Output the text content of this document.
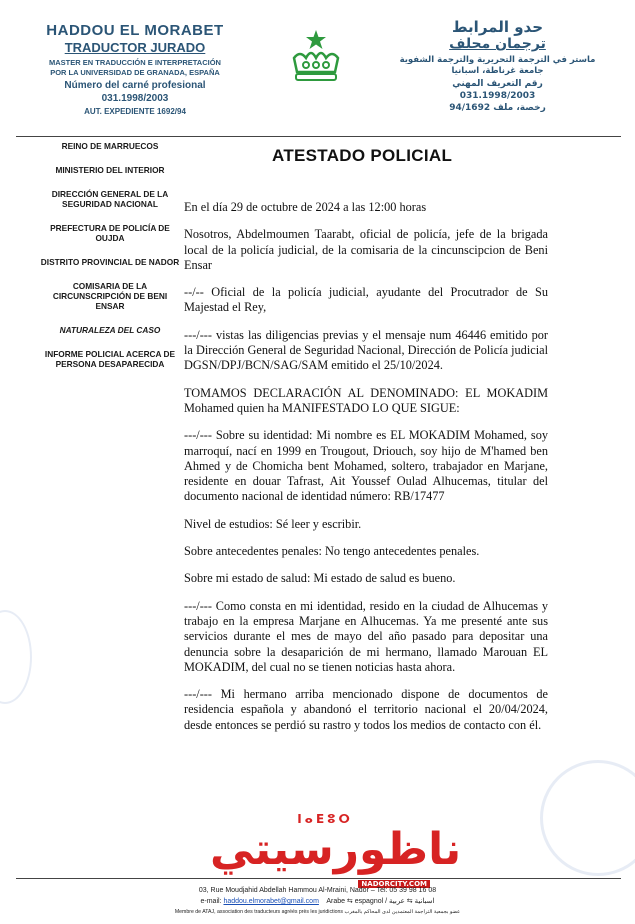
HADDOU EL MORABET
TRADUCTOR JURADO
MASTER EN TRADUCCIÓN E INTERPRETACIÓN
POR LA UNIVERSIDAD DE GRANADA, ESPAÑA
Número del carné profesional
031.1998/2003
AUT. EXPEDIENTE 1692/94
حدو المرابط
ترجمان محلف
ماستر في الترجمة التحريرية والترجمة الشفوية
جامعة غرناطة، اسبانيا
رقم التعريف المهني
031.1998/2003
رخصة، ملف 94/1692
REINO DE MARRUECOS
MINISTERIO DEL INTERIOR
DIRECCIÓN GENERAL DE LA SEGURIDAD NACIONAL
PREFECTURA DE POLICÍA DE OUJDA
DISTRITO PROVINCIAL DE NADOR
COMISARIA DE LA CIRCUNSCRIPCIÓN DE BENI ENSAR
NATURALEZA DEL CASO
INFORME POLICIAL ACERCA DE PERSONA DESAPARECIDA
ATESTADO POLICIAL

En el día 29 de octubre de 2024 a las 12:00 horas

Nosotros, Abdelmoumen Taarabt, oficial de policía, jefe de la brigada local de la policía judicial, de la comisaria de la cincunscipcion de Beni Ensar

--/-- Oficial de la policía judicial, ayudante del Procutrador de Su Majestad el Rey,

---/--- vistas las diligencias previas y el mensaje num 46446 emitido por la Dirección General de Seguridad Nacional, Dirección de Policía judicial DGSN/DPJ/BCN/SAG/SAM emitido el 25/10/2024.

TOMAMOS DECLARACIÓN AL DENOMINADO: EL MOKADIM Mohamed quien ha MANIFESTADO LO QUE SIGUE:

---/--- Sobre su identidad: Mi nombre es EL MOKADIM Mohamed, soy marroquí, nací en 1999 en Trougout, Driouch, soy hijo de M'hamed ben Ahmed y de Chomicha bent Mohamed, soltero, trabajador en Marjane, residente en douar Tafrast, Ait Youssef Oulad Alhucemas, titular del documento nacional de identidad número: RB/17477

Nivel de estudios: Sé leer y escribir.

Sobre antecedentes penales: No tengo antecedentes penales.

Sobre mi estado de salud: Mi estado de salud es bueno.

---/--- Como consta en mi identidad, resido en la ciudad de Alhucemas y trabajo en la empresa Marjane en Alhucemas. Ya me presenté ante sus servicios durante el mes de mayo del año pasado para depositar una denuncia sobre la desaparición de mi hermano, llamado Marouan EL MOKADIM, del cual no se tienen noticias hasta ahora.

---/--- Mi hermano arriba mencionado dispone de documentos de residencia española y abandonó el territorio nacional el 20/04/2024, desde entonces se perdió su rastro y todos los medios de contacto con él.

ⵏⴰⴹⵓⵔ
ناظورسيتي
NADORCITY.COM
03, Rue Moudjahid Abdellah Hammou Al-Mraini, Nador – Tel: 05 39 98 16 08
e-mail: haddou.elmorabet@gmail.com Arabe ⇆ espagnol / اسبانية ⇆ عربية
Membre de ATAJ, association des traducteurs agréés près les juridictions عضو بجمعية التراجمة المعتمدين لدى المحاكم بالمغرب
